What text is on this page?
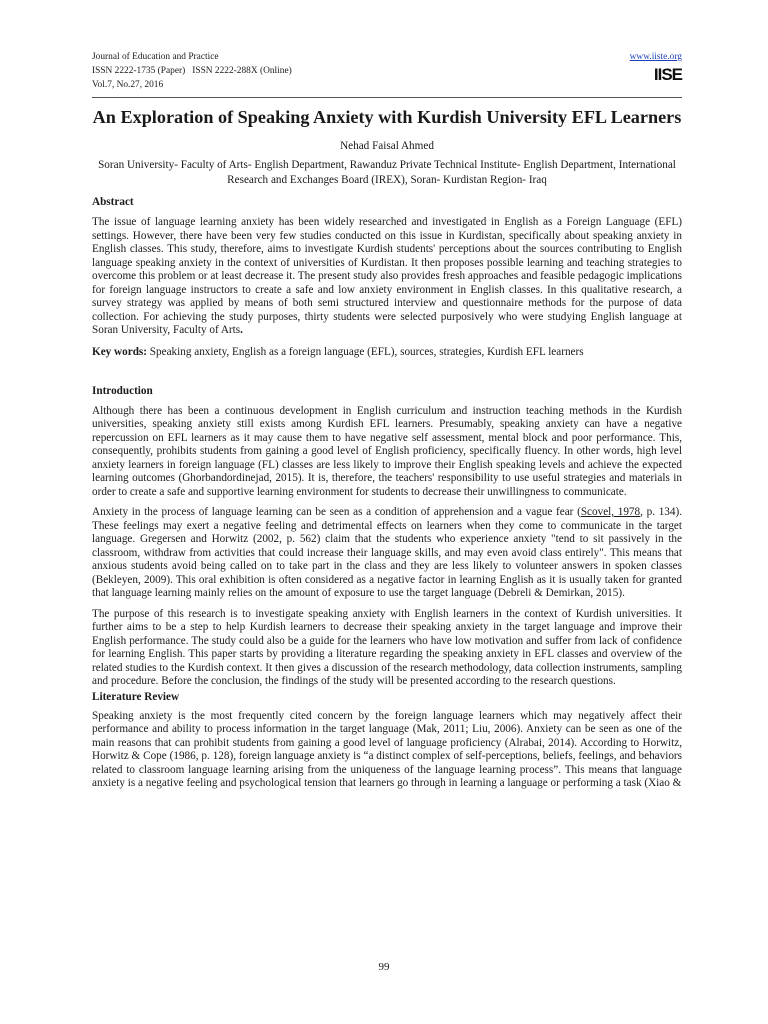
Journal of Education and Practice
ISSN 2222-1735 (Paper)   ISSN 2222-288X (Online)
Vol.7, No.27, 2016
www.iiste.org
IISE
An Exploration of Speaking Anxiety with Kurdish University EFL Learners
Nehad Faisal Ahmed
Soran University- Faculty of Arts- English Department, Rawanduz Private Technical Institute- English Department, International Research and Exchanges Board (IREX), Soran- Kurdistan Region- Iraq
Abstract

The issue of language learning anxiety has been widely researched and investigated in English as a Foreign Language (EFL) settings. However, there have been very few studies conducted on this issue in Kurdistan, specifically about speaking anxiety in English classes. This study, therefore, aims to investigate Kurdish students' perceptions about the sources contributing to English language speaking anxiety in the context of universities of Kurdistan. It then proposes possible learning and teaching strategies to overcome this problem or at least decrease it. The present study also provides fresh approaches and feasible pedagogic implications for foreign language instructors to create a safe and low anxiety environment in English classes. In this qualitative research, a survey strategy was applied by means of both semi structured interview and questionnaire methods for the purpose of data collection. For achieving the study purposes, thirty students were selected purposively who were studying English language at Soran University, Faculty of Arts.

Key words: Speaking anxiety, English as a foreign language (EFL), sources, strategies, Kurdish EFL learners
Introduction

Although there has been a continuous development in English curriculum and instruction teaching methods in the Kurdish universities, speaking anxiety still exists among Kurdish EFL learners. Presumably, speaking anxiety can have a negative repercussion on EFL learners as it may cause them to have negative self assessment, mental block and poor performance. This, consequently, prohibits students from gaining a good level of English proficiency, specifically fluency. In other words, high level anxiety learners in foreign language (FL) classes are less likely to improve their English speaking levels and achieve the expected learning outcomes (Ghorbandordinejad, 2015). It is, therefore, the teachers' responsibility to use useful strategies and materials in order to create a safe and supportive learning environment for students to decrease their unwillingness to communicate.

Anxiety in the process of language learning can be seen as a condition of apprehension and a vague fear (Scovel, 1978, p. 134). These feelings may exert a negative feeling and detrimental effects on learners when they come to communicate in the target language. Gregersen and Horwitz (2002, p. 562) claim that the students who experience anxiety "tend to sit passively in the classroom, withdraw from activities that could increase their language skills, and may even avoid class entirely". This means that anxious students avoid being called on to take part in the class and they are less likely to volunteer answers in spoken classes (Bekleyen, 2009). This oral exhibition is often considered as a negative factor in learning English as it is usually taken for granted that language learning mainly relies on the amount of exposure to use the target language (Debreli & Demirkan, 2015).

The purpose of this research is to investigate speaking anxiety with English learners in the context of Kurdish universities. It further aims to be a step to help Kurdish learners to decrease their speaking anxiety in the target language and improve their English performance. The study could also be a guide for the learners who have low motivation and suffer from lack of confidence for learning English. This paper starts by providing a literature regarding the speaking anxiety in EFL classes and overview of the related studies to the Kurdish context. It then gives a discussion of the research methodology, data collection instruments, sampling and procedure. Before the conclusion, the findings of the study will be presented according to the research questions.

Literature Review

Speaking anxiety is the most frequently cited concern by the foreign language learners which may negatively affect their performance and ability to process information in the target language (Mak, 2011; Liu, 2006). Anxiety can be seen as one of the main reasons that can prohibit students from gaining a good level of language proficiency (Alrabai, 2014). According to Horwitz, Horwitz & Cope (1986, p. 128), foreign language anxiety is “a distinct complex of self-perceptions, beliefs, feelings, and behaviors related to classroom language learning arising from the uniqueness of the language learning process”. This means that language anxiety is a negative feeling and psychological tension that learners go through in learning a language or performing a task (Xiao &

99
